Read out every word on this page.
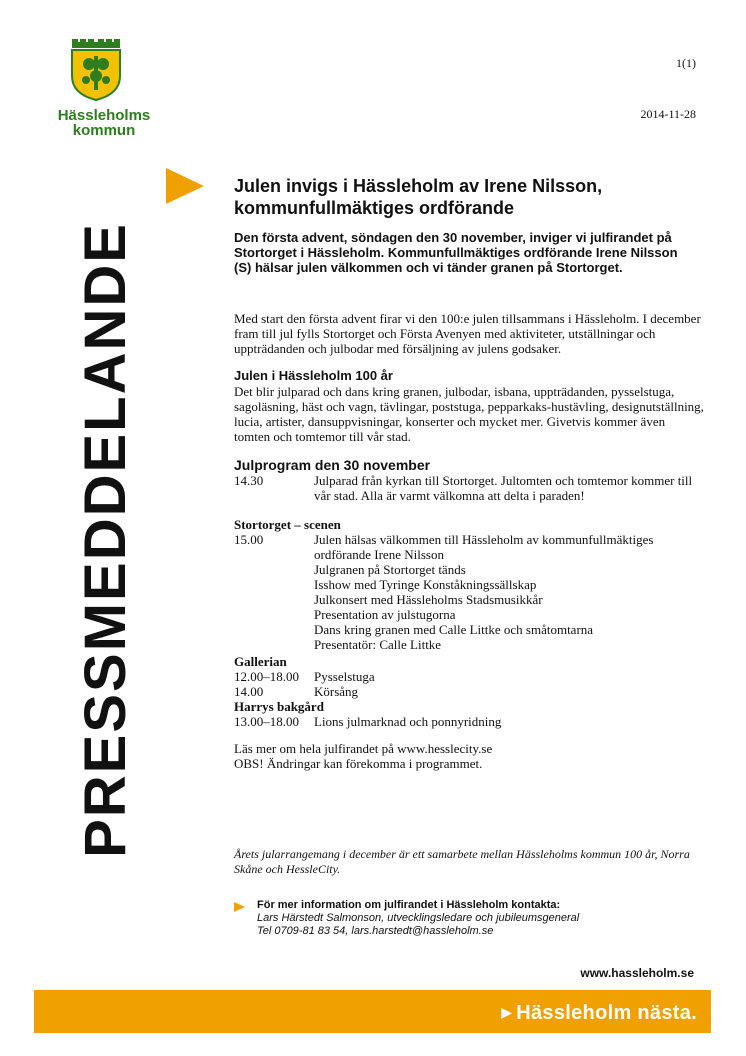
Hässleholms
kommun
1(1)
2014-11-28
PRESSMEDDELANDE
Julen invigs i Hässleholm av Irene Nilsson, kommunfullmäktiges ordförande
Den första advent, söndagen den 30 november, inviger vi julfirandet på Stortorget i Hässleholm. Kommunfullmäktiges ordförande Irene Nilsson (S) hälsar julen välkommen och vi tänder granen på Stortorget.

Med start den första advent firar vi den 100:e julen tillsammans i Hässleholm. I december fram till jul fylls Stortorget och Första Avenyen med aktiviteter, utställningar och uppträdanden och julbodar med försäljning av julens godsaker.

Julen i Hässleholm 100 år

Det blir julparad och dans kring granen, julbodar, isbana, uppträdanden, pysselstuga, sagoläsning, häst och vagn, tävlingar, poststuga, pepparkaks-hustävling, designutställning, lucia, artister, dansuppvisningar, konserter och mycket mer. Givetvis kommer även tomten och tomtemor till vår stad.

Julprogram den 30 november

14.30	Julparad från kyrkan till Stortorget. Jultomten och tomtemor kommer till vår stad. Alla är varmt välkomna att delta i paraden!

Stortorget – scenen

15.00	Julen hälsas välkommen till Hässleholm av kommunfullmäktiges ordförande Irene Nilsson
Julgranen på Stortorget tänds
Isshow med Tyringe Konståkningssällskap
Julkonsert med Hässleholms Stadsmusikkår
Presentation av julstugorna
Dans kring granen med Calle Littke och småtomtarna
Presentatör: Calle Littke

Gallerian

12.00–18.00	Pysselstuga
14.00	Körsång

Harrys bakgård

13.00–18.00	Lions julmarknad och ponnyridning

Läs mer om hela julfirandet på www.hesslecity.se

OBS! Ändringar kan förekomma i programmet.

Årets jularrangemang i december är ett samarbete mellan Hässleholms kommun 100 år, Norra Skåne och HessleCity.
För mer information om julfirandet i Hässleholm kontakta:
Lars Härstedt Salmonson, utvecklingsledare och jubileumsgeneral
Tel 0709-81 83 54, lars.harstedt@hassleholm.se
www.hassleholm.se
▶ Hässleholm nästa.
